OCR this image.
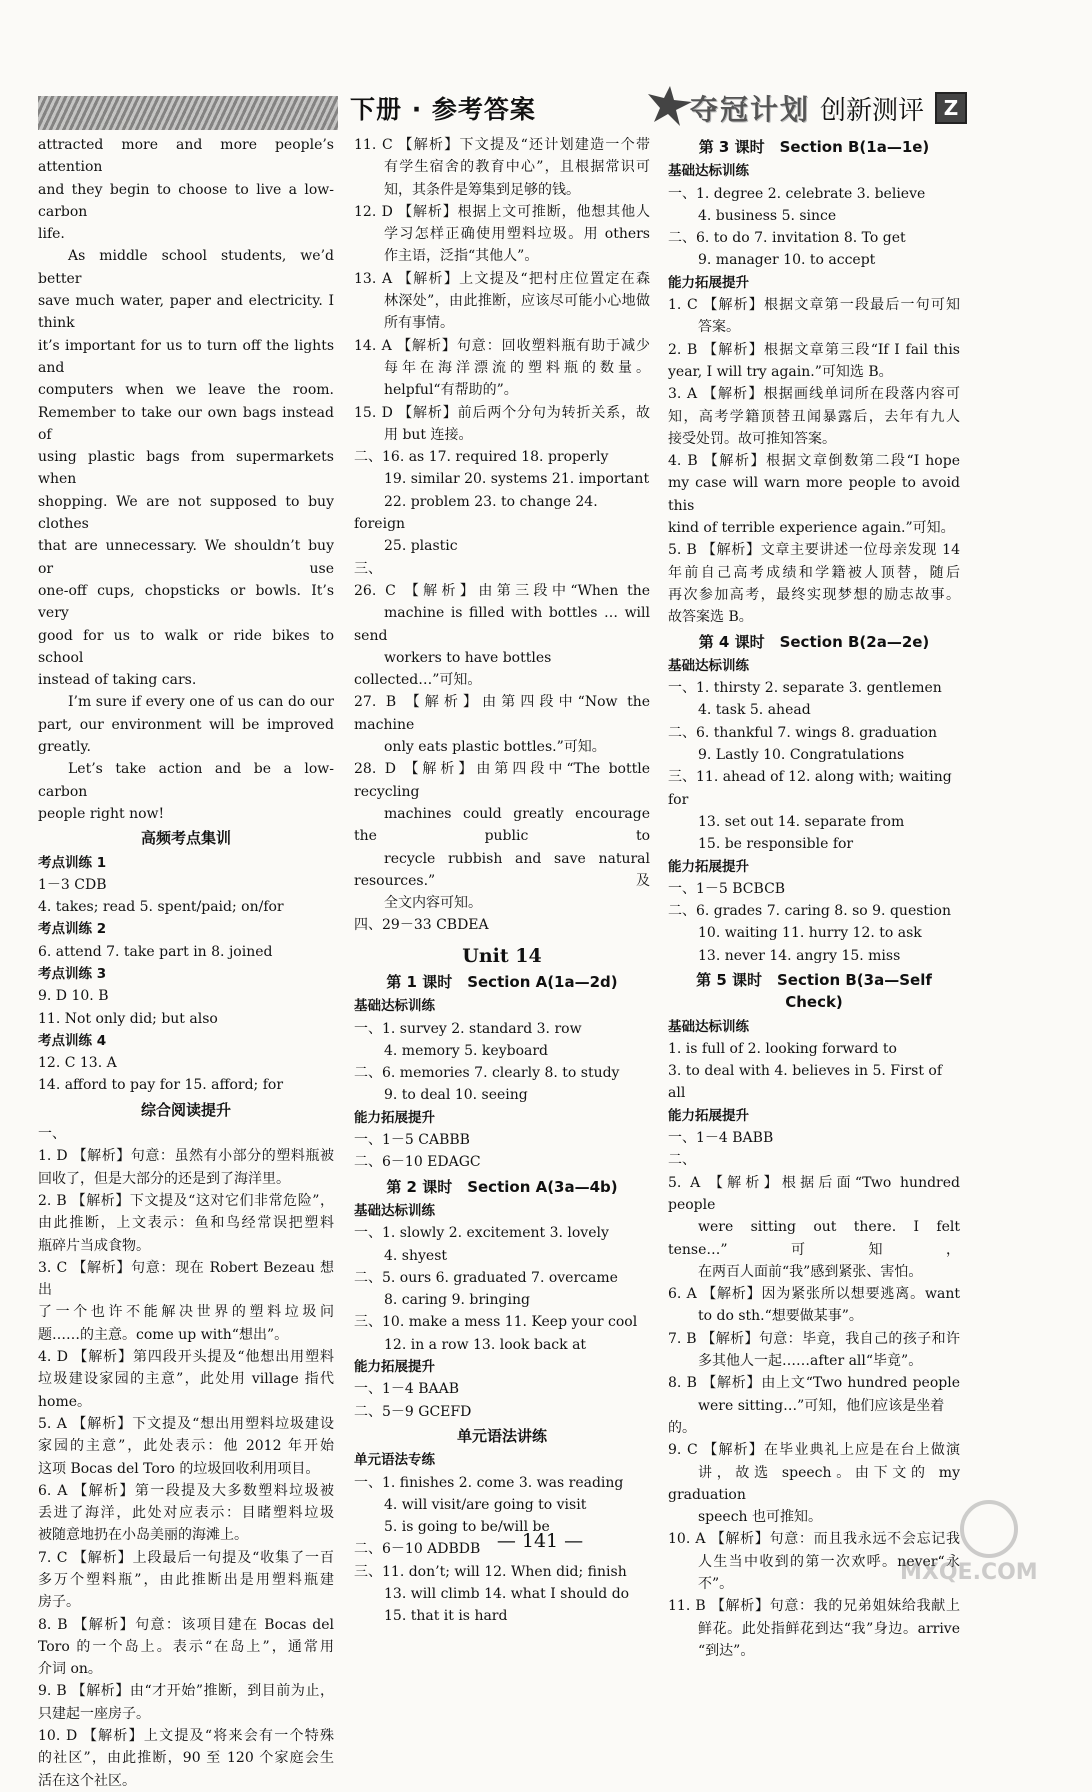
下册 · 参考答案	夺冠计划 创新测评 Z
attracted more and more people’s attention
and they begin to choose to live a low-carbon
life.
As middle school students, we’d better
save much water, paper and electricity. I think
it’s important for us to turn off the lights and
computers when we leave the room.
Remember to take our own bags instead of
using plastic bags from supermarkets when
shopping. We are not supposed to buy clothes
that are unnecessary. We shouldn’t buy or use
one-off cups, chopsticks or bowls. It’s very
good for us to walk or ride bikes to school
instead of taking cars.
I’m sure if every one of us can do our
part, our environment will be improved
greatly.
Let’s take action and be a low-carbon
people right now!
高频考点集训
考点训练 1
1－3 CDB
4. takes; read 5. spent/paid; on/for
考点训练 2
6. attend 7. take part in 8. joined
考点训练 3
9. D 10. B
11. Not only did; but also
考点训练 4
12. C 13. A
14. afford to pay for 15. afford; for
综合阅读提升
一、
1. D 【解析】句意：虽然有小部分的塑料瓶被
回收了，但是大部分的还是到了海洋里。
2. B 【解析】下文提及“这对它们非常危险”，
由此推断，上文表示：鱼和鸟经常误把塑料
瓶碎片当成食物。
3. C 【解析】句意：现在 Robert Bezeau 想出
了一个也许不能解决世界的塑料垃圾问
题……的主意。come up with“想出”。
4. D 【解析】第四段开头提及“他想出用塑料
垃圾建设家园的主意”，此处用 village 指代
home。
5. A 【解析】下文提及“想出用塑料垃圾建设
家园的主意”，此处表示：他 2012 年开始
这项 Bocas del Toro 的垃圾回收利用项目。
6. A 【解析】第一段提及大多数塑料垃圾被
丢进了海洋，此处对应表示：目睹塑料垃圾
被随意地扔在小岛美丽的海滩上。
7. C 【解析】上段最后一句提及“收集了一百
多万个塑料瓶”，由此推断出是用塑料瓶建
房子。
8. B 【解析】句意：该项目建在 Bocas del
Toro 的一个岛上。表示“在岛上”，通常用
介词 on。
9. B 【解析】由“才开始”推断，到目前为止，
只建起一座房子。
10. D 【解析】上文提及“将来会有一个特殊
的社区”，由此推断，90 至 120 个家庭会生
活在这个社区。
11. C 【解析】下文提及“还计划建造一个带
有学生宿舍的教育中心”，且根据常识可
知，其条件是筹集到足够的钱。
12. D 【解析】根据上文可推断，他想其他人
学习怎样正确使用塑料垃圾。用 others
作主语，泛指“其他人”。
13. A 【解析】上文提及“把村庄位置定在森
林深处”，由此推断，应该尽可能小心地做
所有事情。
14. A 【解析】句意：回收塑料瓶有助于减少
每年在海洋漂流的塑料瓶的数量。
helpful“有帮助的”。
15. D 【解析】前后两个分句为转折关系，故
用 but 连接。
二、16. as 17. required 18. properly
19. similar 20. systems 21. important
22. problem 23. to change 24. foreign
25. plastic
三、
26. C 【解析】由第三段中“When the
machine is filled with bottles … will send
workers to have bottles collected…”可知。
27. B 【解析】由第四段中“Now the machine
only eats plastic bottles.”可知。
28. D 【解析】由第四段中“The bottle recycling
machines could greatly encourage the public to
recycle rubbish and save natural resources.”及
全文内容可知。
四、29－33 CBDEA
Unit 14
第 1 课时　Section A(1a—2d)
基础达标训练
一、1. survey 2. standard 3. row
4. memory 5. keyboard
二、6. memories 7. clearly 8. to study
9. to deal 10. seeing
能力拓展提升
一、1－5 CABBB
二、6－10 EDAGC
第 2 课时　Section A(3a—4b)
基础达标训练
一、1. slowly 2. excitement 3. lovely
4. shyest
二、5. ours 6. graduated 7. overcame
8. caring 9. bringing
三、10. make a mess 11. Keep your cool
12. in a row 13. look back at
能力拓展提升
一、1－4 BAAB
二、5－9 GCEFD
单元语法讲练
单元语法专练
一、1. finishes 2. come 3. was reading
4. will visit/are going to visit
5. is going to be/will be
二、6－10 ADBDB
三、11. don’t; will 12. When did; finish
13. will climb 14. what I should do
15. that it is hard
第 3 课时　Section B(1a—1e)
基础达标训练
一、1. degree 2. celebrate 3. believe
4. business 5. since
二、6. to do 7. invitation 8. To get
9. manager 10. to accept
能力拓展提升
1. C 【解析】根据文章第一段最后一句可知
答案。
2. B 【解析】根据文章第三段“If I fail this
year, I will try again.”可知选 B。
3. A 【解析】根据画线单词所在段落内容可
知，高考学籍顶替丑闻暴露后，去年有九人
接受处罚。故可推知答案。
4. B 【解析】根据文章倒数第二段“I hope
my case will warn more people to avoid this
kind of terrible experience again.”可知。
5. B 【解析】文章主要讲述一位母亲发现 14
年前自己高考成绩和学籍被人顶替，随后
再次参加高考，最终实现梦想的励志故事。
故答案选 B。
第 4 课时　Section B(2a—2e)
基础达标训练
一、1. thirsty 2. separate 3. gentlemen
4. task 5. ahead
二、6. thankful 7. wings 8. graduation
9. Lastly 10. Congratulations
三、11. ahead of 12. along with; waiting for
13. set out 14. separate from
15. be responsible for
能力拓展提升
一、1－5 BCBCB
二、6. grades 7. caring 8. so 9. question
10. waiting 11. hurry 12. to ask
13. never 14. angry 15. miss
第 5 课时　Section B(3a—Self Check)
基础达标训练
1. is full of 2. looking forward to
3. to deal with 4. believes in 5. First of all
能力拓展提升
一、1－4 BABB
二、
5. A 【解析】根据后面“Two hundred people
were sitting out there. I felt tense…”可知，
在两百人面前“我”感到紧张、害怕。
6. A 【解析】因为紧张所以想要逃离。want
to do sth.“想要做某事”。
7. B 【解析】句意：毕竟，我自己的孩子和许
多其他人一起……after all“毕竟”。
8. B 【解析】由上文“Two hundred people
were sitting…”可知，他们应该是坐着的。
9. C 【解析】在毕业典礼上应是在台上做演
讲，故选 speech。由下文的 my graduation
speech 也可推知。
10. A 【解析】句意：而且我永远不会忘记我
人生当中收到的第一次欢呼。never“永
不”。
11. B 【解析】句意：我的兄弟姐妹给我献上
鲜花。此处指鲜花到达“我”身边。arrive
“到达”。
— 141 —
MXQE.COM
